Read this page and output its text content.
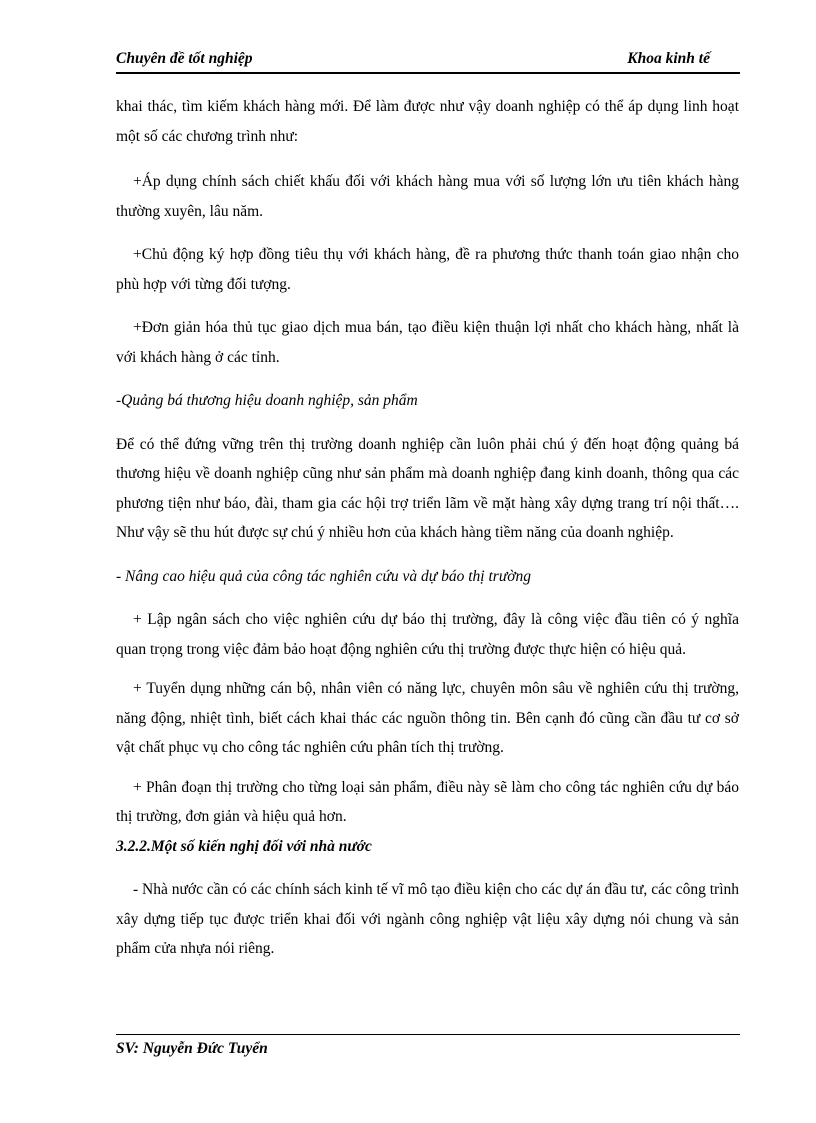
Chuyên đề tốt nghiệp	Khoa kinh tế

khai thác, tìm kiếm khách hàng mới. Để làm được như vậy doanh nghiệp có thể áp dụng linh hoạt một số các chương trình như:

+Áp dụng chính sách chiết khấu đối với khách hàng mua với số lượng lớn ưu tiên khách hàng thường xuyên, lâu năm.

+Chủ động ký hợp đồng tiêu thụ với khách hàng, đề ra phương thức thanh toán giao nhận cho phù hợp với từng đối tượng.

+Đơn giản hóa thủ tục giao dịch mua bán, tạo điều kiện thuận lợi nhất cho khách hàng, nhất là với khách hàng ở các tỉnh.

-Quảng bá thương hiệu doanh nghiệp, sản phẩm

Để có thể đứng vững trên thị trường doanh nghiệp cần luôn phải chú ý đến hoạt động quảng bá thương hiệu về doanh nghiệp cũng như sản phẩm mà doanh nghiệp đang kinh doanh, thông qua các phương tiện như báo, đài, tham gia các hội trợ triển lãm về mặt hàng xây dựng trang trí nội thất…. Như vậy sẽ thu hút được sự chú ý nhiều hơn của khách hàng tiềm năng của doanh nghiệp.

- Nâng cao hiệu quả của công tác nghiên cứu và dự báo thị trường

+ Lập ngân sách cho việc nghiên cứu dự báo thị trường, đây là công việc đầu tiên có ý nghĩa quan trọng trong việc đảm bảo hoạt động nghiên cứu thị trường được thực hiện có hiệu quả.

+ Tuyển dụng những cán bộ, nhân viên có năng lực, chuyên môn sâu về nghiên cứu thị trường, năng động, nhiệt tình, biết cách khai thác các nguồn thông tin. Bên cạnh đó cũng cần đầu tư cơ sở vật chất phục vụ cho công tác nghiên cứu phân tích thị trường.

+ Phân đoạn thị trường cho từng loại sản phẩm, điều này sẽ làm cho công tác nghiên cứu dự báo thị trường, đơn giản và hiệu quả hơn.

3.2.2.Một số kiến nghị đối với nhà nước

- Nhà nước cần có các chính sách kinh tế vĩ mô tạo điều kiện cho các dự án đầu tư, các công trình xây dựng tiếp tục được triển khai đối với ngành công nghiệp vật liệu xây dựng nói chung và sản phẩm cửa nhựa nói riêng.

SV: Nguyễn Đức Tuyển
